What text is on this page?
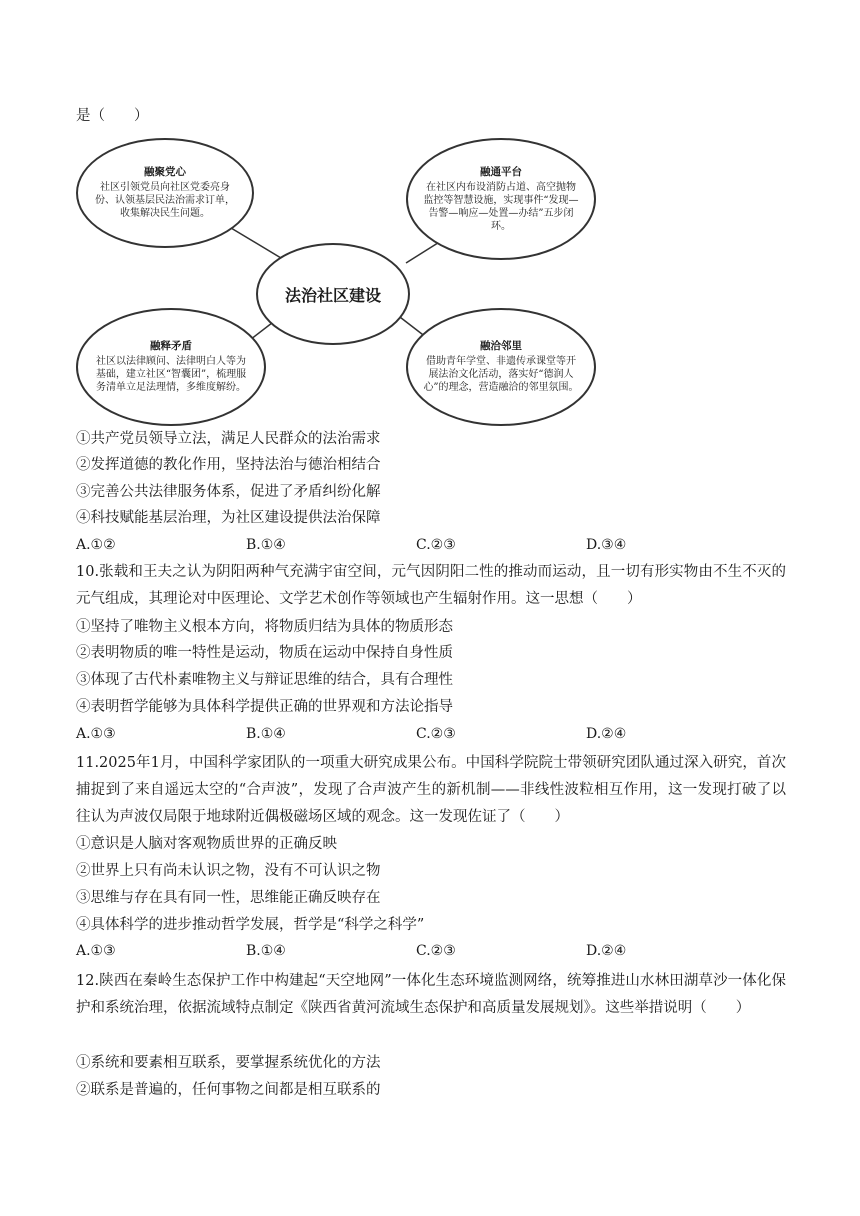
是（　　）
法治社区建设
融聚党心
社区引领党员向社区党委亮身份、认领基层民法治需求订单，收集解决民生问题。
融通平台
在社区内布设消防占道、高空抛物监控等智慧设施，实现事件“发现—告警—响应—处置—办结”五步闭环。
融释矛盾
社区以法律顾问、法律明白人等为基础，建立社区“智囊团”，梳理服务清单立足法理情，多维度解纷。
融洽邻里
借助青年学堂、非遗传承课堂等开展法治文化活动，落实好“德润人心”的理念，营造融洽的邻里氛围。
①共产党员领导立法，满足人民群众的法治需求
②发挥道德的教化作用，坚持法治与德治相结合
③完善公共法律服务体系，促进了矛盾纠纷化解
④科技赋能基层治理，为社区建设提供法治保障
A.①②	B.①④	C.②③	D.③④
10.张载和王夫之认为阴阳两种气充满宇宙空间，元气因阴阳二性的推动而运动，且一切有形实物由不生不灭的元气组成，其理论对中医理论、文学艺术创作等领域也产生辐射作用。这一思想（　　）
①坚持了唯物主义根本方向，将物质归结为具体的物质形态
②表明物质的唯一特性是运动，物质在运动中保持自身性质
③体现了古代朴素唯物主义与辩证思维的结合，具有合理性
④表明哲学能够为具体科学提供正确的世界观和方法论指导
A.①③	B.①④	C.②③	D.②④
11.2025年1月，中国科学家团队的一项重大研究成果公布。中国科学院院士带领研究团队通过深入研究，首次捕捉到了来自遥远太空的“合声波”，发现了合声波产生的新机制——非线性波粒相互作用，这一发现打破了以往认为声波仅局限于地球附近偶极磁场区域的观念。这一发现佐证了（　　）
①意识是人脑对客观物质世界的正确反映
②世界上只有尚未认识之物，没有不可认识之物
③思维与存在具有同一性，思维能正确反映存在
④具体科学的进步推动哲学发展，哲学是“科学之科学”
A.①③	B.①④	C.②③	D.②④
12.陕西在秦岭生态保护工作中构建起“天空地网”一体化生态环境监测网络，统筹推进山水林田湖草沙一体化保护和系统治理，依据流域特点制定《陕西省黄河流域生态保护和高质量发展规划》。这些举措说明（　　）
①系统和要素相互联系，要掌握系统优化的方法
②联系是普遍的，任何事物之间都是相互联系的
